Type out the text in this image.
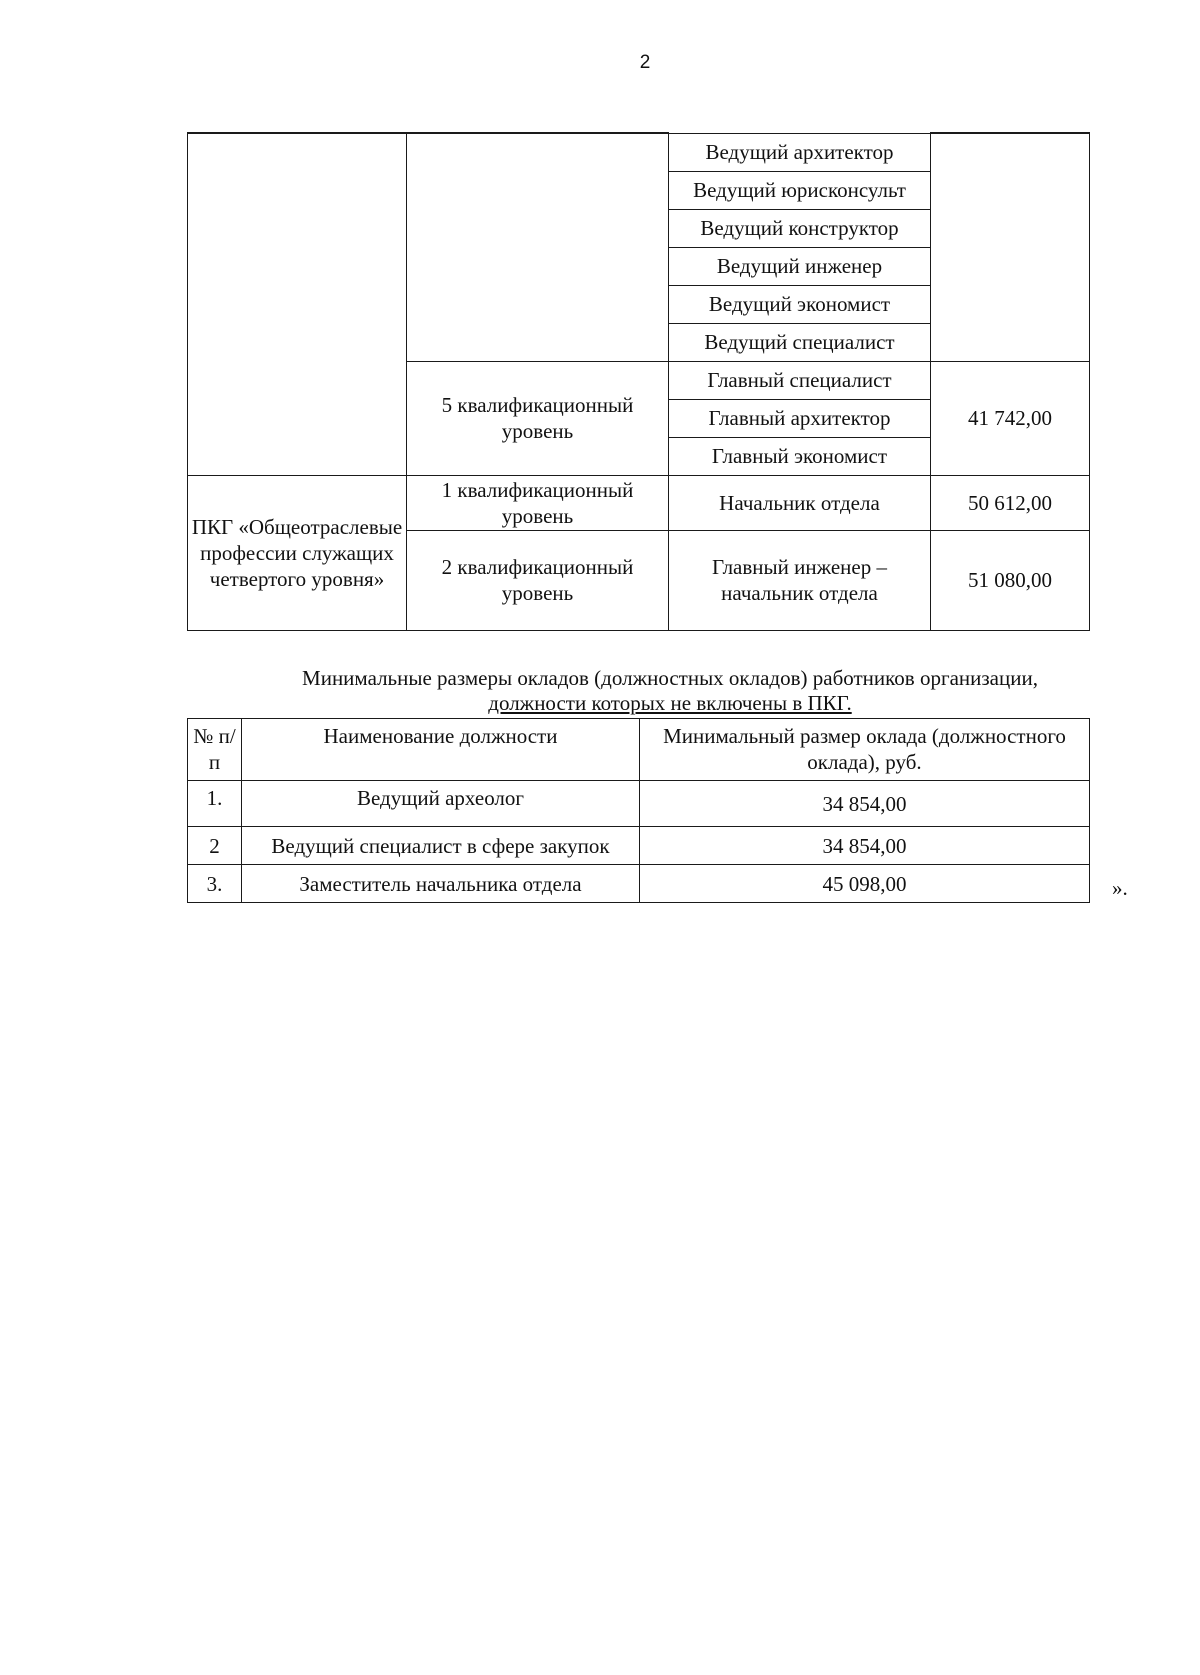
2
		Ведущий архитектор	
		Ведущий юрисконсульт	
		Ведущий конструктор	
		Ведущий инженер	
		Ведущий экономист	
		Ведущий специалист	
	5 квалификационный уровень	Главный специалист	41 742,00
		Главный архитектор	
		Главный экономист	
ПКГ «Общеотраслевые профессии служащих четвертого уровня»	1 квалификационный уровень	Начальник отдела	50 612,00
	2 квалификационный уровень	Главный инженер – начальник отдела	51 080,00
Минимальные размеры окладов (должностных окладов) работников организации,
должности которых не включены в ПКГ.
№ п/п	Наименование должности	Минимальный размер оклада (должностного оклада), руб.
1.	Ведущий археолог	34 854,00
2	Ведущий специалист в сфере закупок	34 854,00
3.	Заместитель начальника отдела	45 098,00	».
